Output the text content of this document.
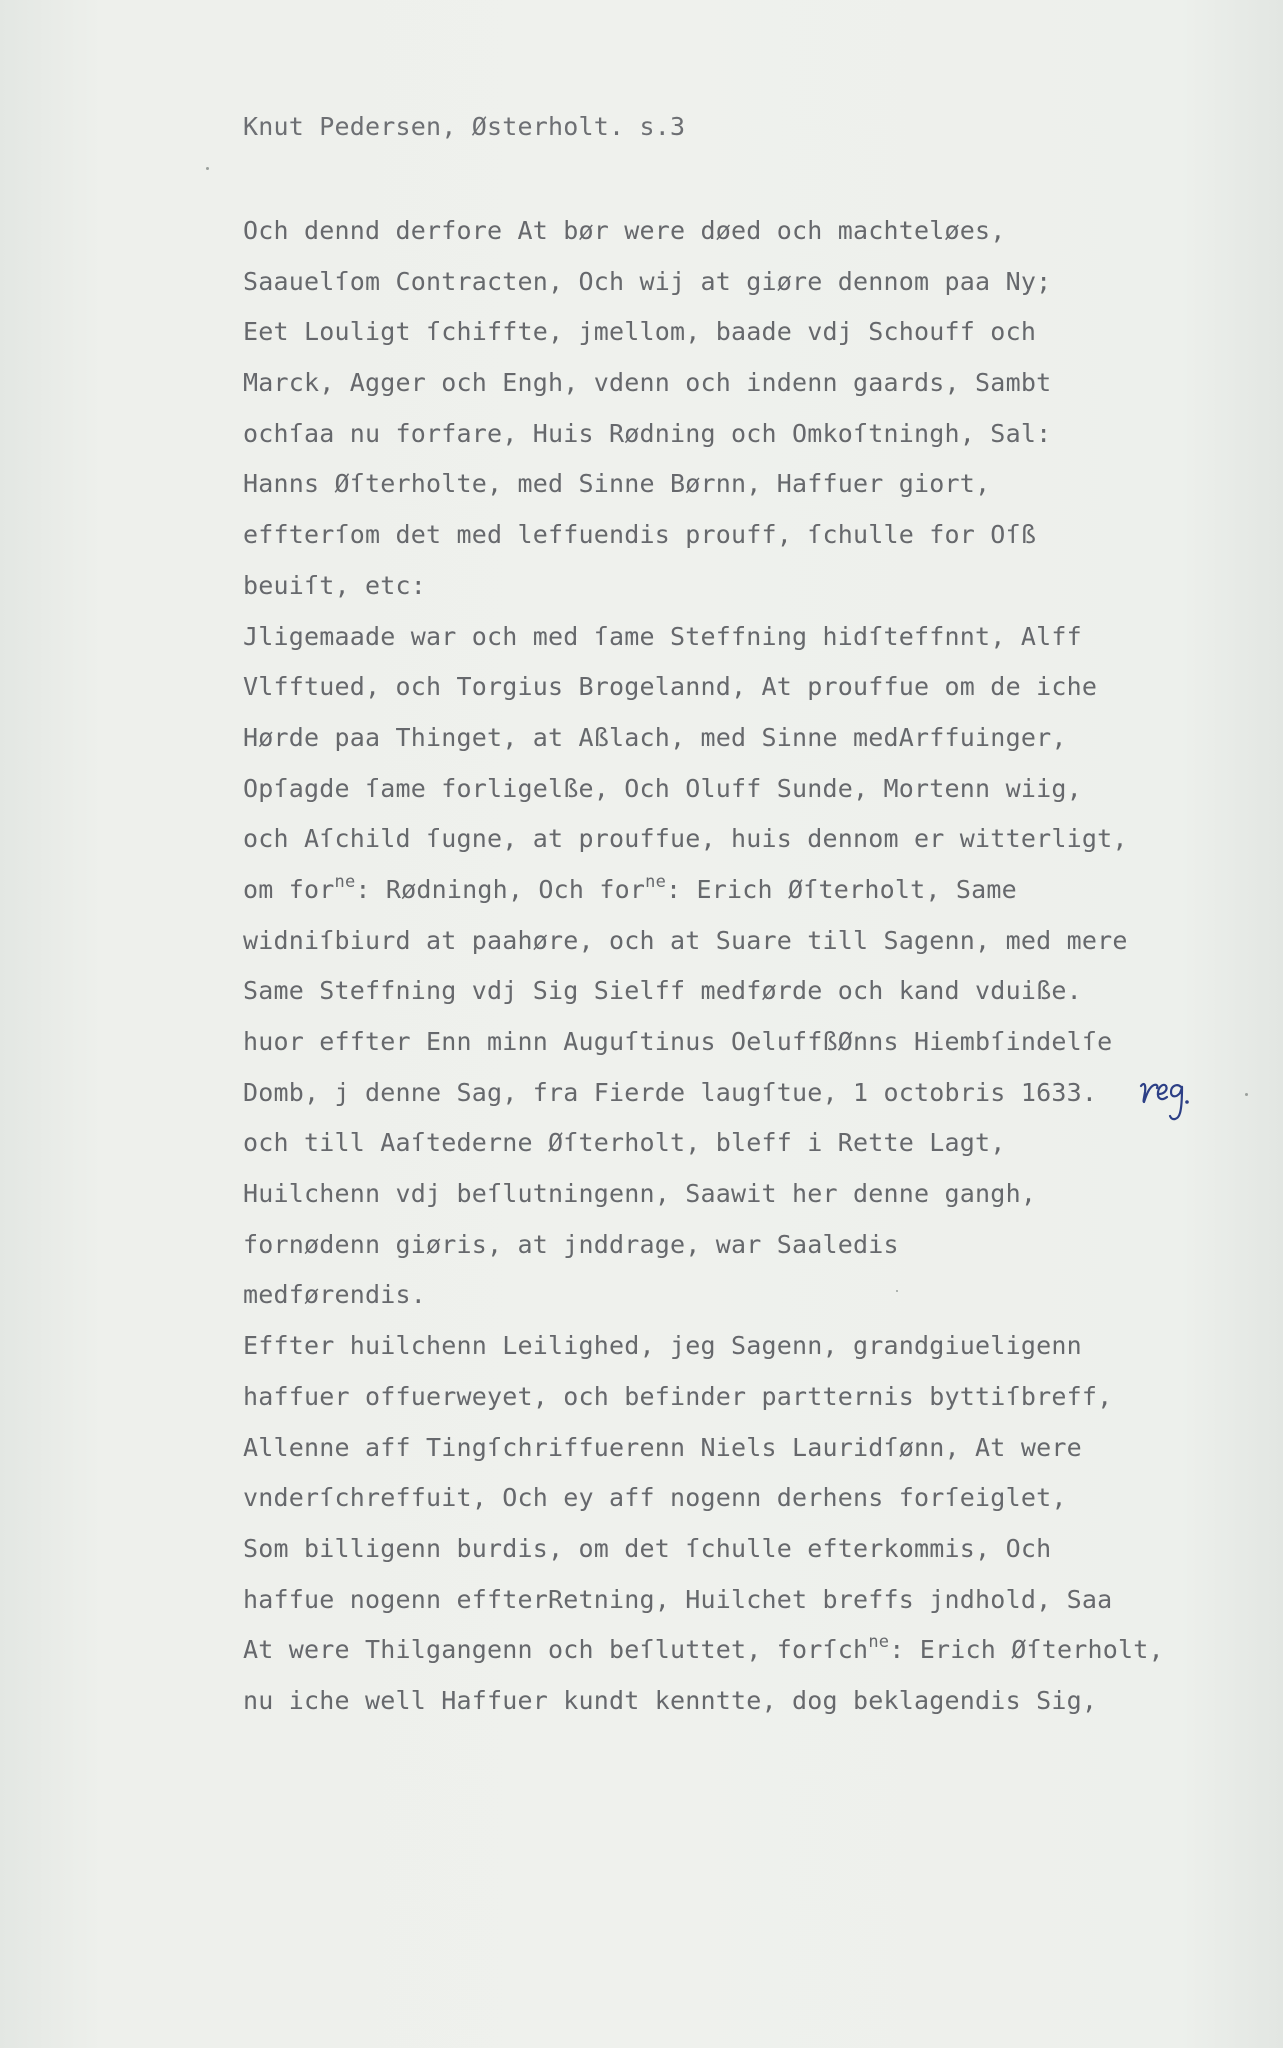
Knut Pedersen, Østerholt. s.3
Och dennd derfore At bør were døed och machteløes,
Saauelſom Contracten, Och wij at giøre dennom paa Ny;
Eet Louligt ſchiffte, jmellom, baade vdj Schouff och
Marck, Agger och Engh, vdenn och indenn gaards, Sambt
ochſaa nu forfare, Huis Rødning och Omkoſtningh, Sal:
Hanns Øſterholte, med Sinne Børnn, Haffuer giort,
effterſom det med leffuendis prouff, ſchulle for Oſß
beuiſt, etc:
Jligemaade war och med ſame Steffning hidſteffnnt, Alff
Vlfftued, och Torgius Brogelannd, At prouffue om de iche
Hørde paa Thinget, at Aßlach, med Sinne medArffuinger,
Opſagde ſame forligelße, Och Oluff Sunde, Mortenn wiig,
och Aſchild ſugne, at prouffue, huis dennom er witterligt,
om for$^{ne}$: Rødningh, Och for$^{ne}$: Erich Øſterholt, Same
widniſbiurd at paahøre, och at Suare till Sagenn, med mere
Same Steffning vdj Sig Sielff medførde och kand vduiße.
huor effter Enn minn Auguſtinus OeluffßØnns Hiembſindelſe
Domb, j denne Sag, fra Fierde laugſtue, 1 octobris 1633.
och till Aaſtederne Øſterholt, bleff i Rette Lagt,
Huilchenn vdj beſlutningenn, Saawit her denne gangh,
fornødenn giøris, at jnddrage, war Saaledis
medførendis.
Effter huilchenn Leilighed, jeg Sagenn, grandgiueligenn
haffuer offuerweyet, och befinder partternis byttiſbreff,
Allenne aff Tingſchriffuerenn Niels Lauridſønn, At were
vnderſchreffuit, Och ey aff nogenn derhens forſeiglet,
Som billigenn burdis, om det ſchulle efterkommis, Och
haffue nogenn effterRetning, Huilchet breffs jndhold, Saa
At were Thilgangenn och beſluttet, forſch$^{ne}$: Erich Øſterholt,
nu iche well Haffuer kundt kenntte, dog beklagendis Sig,
